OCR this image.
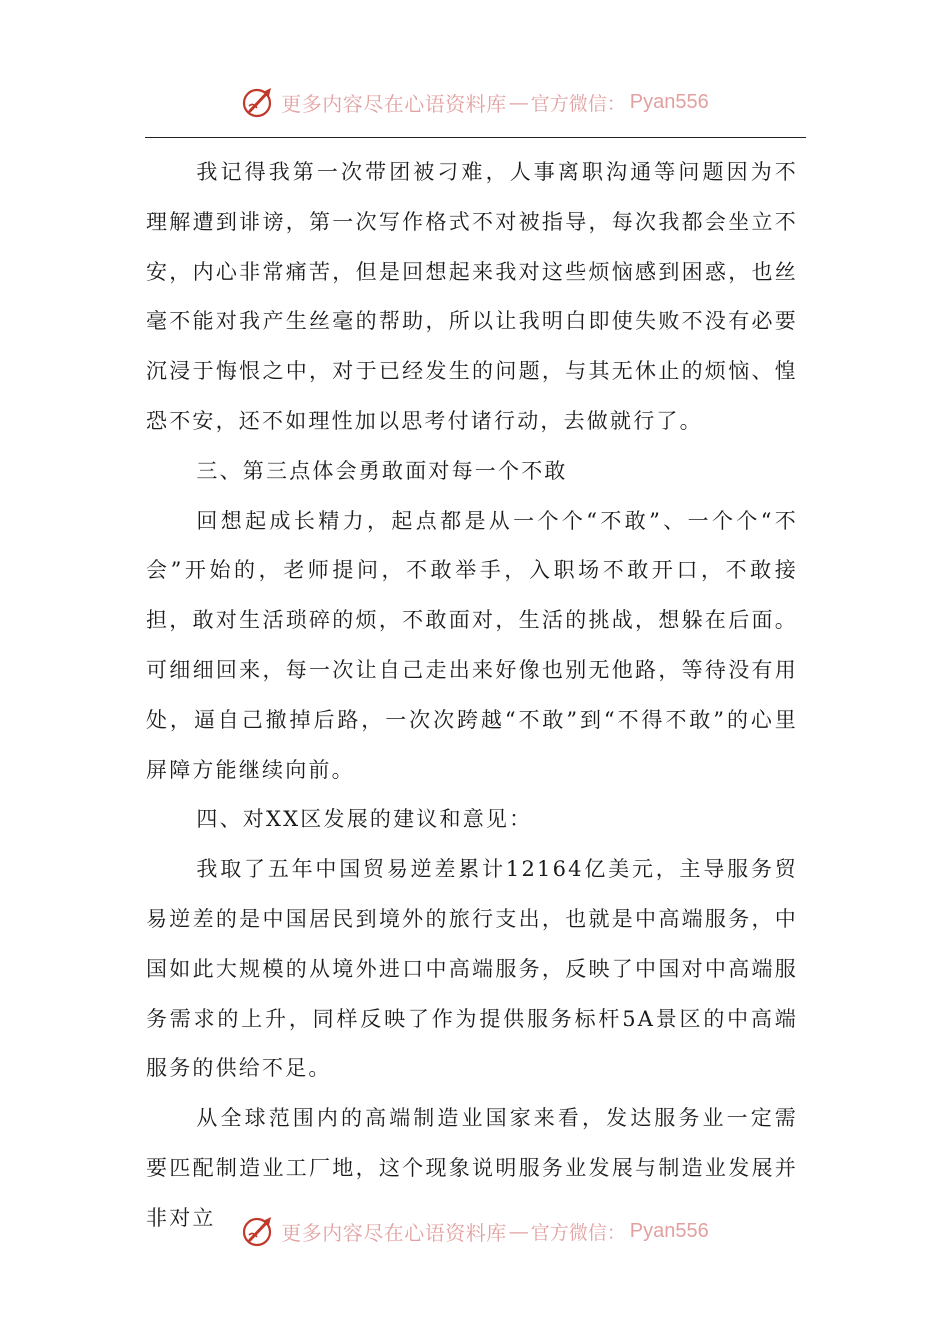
更多内容尽在心语资料库 — 官方微信： Pyan556

我记得我第一次带团被刁难，人事离职沟通等问题因为不理解遭到诽谤，第一次写作格式不对被指导，每次我都会坐立不安，内心非常痛苦，但是回想起来我对这些烦恼感到困惑，也丝毫不能对我产生丝毫的帮助，所以让我明白即使失败不没有必要沉浸于悔恨之中，对于已经发生的问题，与其无休止的烦恼、惶恐不安，还不如理性加以思考付诸行动，去做就行了。

三、第三点体会勇敢面对每一个不敢

回想起成长精力，起点都是从一个个“不敢”、一个个“不会”开始的，老师提问，不敢举手，入职场不敢开口，不敢接担，敢对生活琐碎的烦，不敢面对，生活的挑战，想躲在后面。可细细回来，每一次让自己走出来好像也别无他路，等待没有用处，逼自己撤掉后路，一次次跨越“不敢”到“不得不敢”的心里屏障方能继续向前。

四、对XX区发展的建议和意见：

我取了五年中国贸易逆差累计12164亿美元，主导服务贸易逆差的是中国居民到境外的旅行支出，也就是中高端服务，中国如此大规模的从境外进口中高端服务，反映了中国对中高端服务需求的上升，同样反映了作为提供服务标杆5A景区的中高端服务的供给不足。

从全球范围内的高端制造业国家来看，发达服务业一定需要匹配制造业工厂地，这个现象说明服务业发展与制造业发展并非对立

更多内容尽在心语资料库 — 官方微信： Pyan556
